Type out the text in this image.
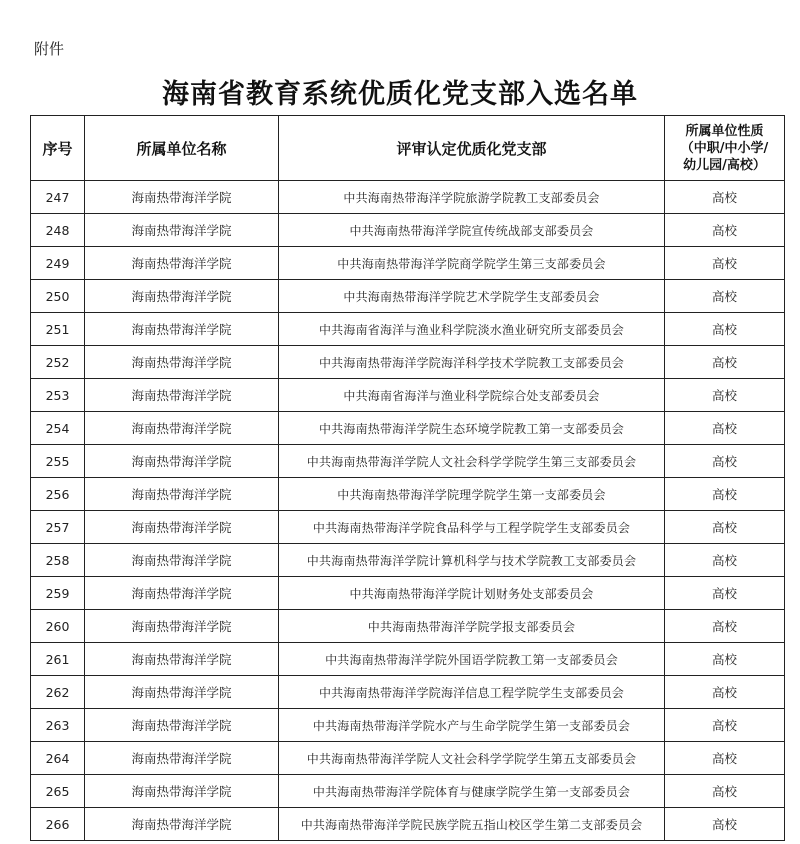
附件
海南省教育系统优质化党支部入选名单
序号	所属单位名称	评审认定优质化党支部	所属单位性质
（中职/中小学/
幼儿园/高校）

247	海南热带海洋学院	中共海南热带海洋学院旅游学院教工支部委员会	高校
248	海南热带海洋学院	中共海南热带海洋学院宣传统战部支部委员会	高校
249	海南热带海洋学院	中共海南热带海洋学院商学院学生第三支部委员会	高校
250	海南热带海洋学院	中共海南热带海洋学院艺术学院学生支部委员会	高校
251	海南热带海洋学院	中共海南省海洋与渔业科学院淡水渔业研究所支部委员会	高校
252	海南热带海洋学院	中共海南热带海洋学院海洋科学技术学院教工支部委员会	高校
253	海南热带海洋学院	中共海南省海洋与渔业科学院综合处支部委员会	高校
254	海南热带海洋学院	中共海南热带海洋学院生态环境学院教工第一支部委员会	高校
255	海南热带海洋学院	中共海南热带海洋学院人文社会科学学院学生第三支部委员会	高校
256	海南热带海洋学院	中共海南热带海洋学院理学院学生第一支部委员会	高校
257	海南热带海洋学院	中共海南热带海洋学院食品科学与工程学院学生支部委员会	高校
258	海南热带海洋学院	中共海南热带海洋学院计算机科学与技术学院教工支部委员会	高校
259	海南热带海洋学院	中共海南热带海洋学院计划财务处支部委员会	高校
260	海南热带海洋学院	中共海南热带海洋学院学报支部委员会	高校
261	海南热带海洋学院	中共海南热带海洋学院外国语学院教工第一支部委员会	高校
262	海南热带海洋学院	中共海南热带海洋学院海洋信息工程学院学生支部委员会	高校
263	海南热带海洋学院	中共海南热带海洋学院水产与生命学院学生第一支部委员会	高校
264	海南热带海洋学院	中共海南热带海洋学院人文社会科学学院学生第五支部委员会	高校
265	海南热带海洋学院	中共海南热带海洋学院体育与健康学院学生第一支部委员会	高校
266	海南热带海洋学院	中共海南热带海洋学院民族学院五指山校区学生第二支部委员会	高校
